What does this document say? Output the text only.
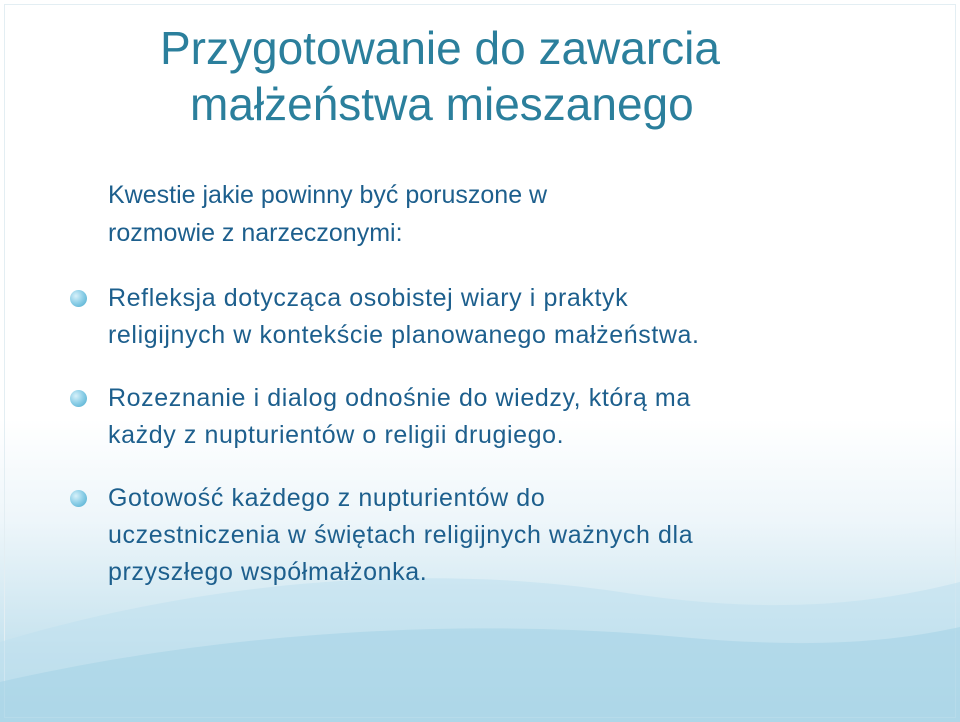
Przygotowanie do zawarcia
małżeństwa mieszanego
Kwestie jakie powinny być poruszone w
rozmowie z narzeczonymi:
Refleksja dotycząca osobistej wiary i praktyk
religijnych w kontekście planowanego małżeństwa.
Rozeznanie i dialog odnośnie do wiedzy, którą ma
każdy z nupturientów o religii drugiego.
Gotowość każdego z nupturientów do
uczestniczenia w świętach religijnych ważnych dla
przyszłego współmałżonka.
